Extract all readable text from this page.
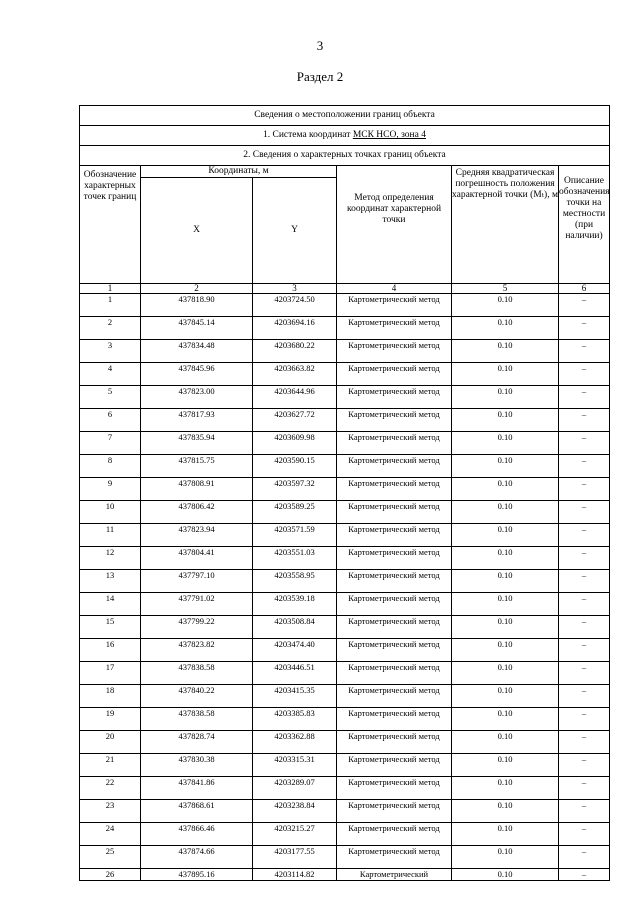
3
Раздел 2
Сведения о местоположении границ объекта					
1. Система координат МСК НСО, зона 4					
2. Сведения о характерных точках границ объекта					
Обозначение характерных точек границ	Координаты, м		Метод определения координат характерной точки	Средняя квадратическая погрешность положения характерной точки (Mₜ), м	Описание обозначения точки на местности (при наличии)
	X	Y			
1	2	3	4	5	6
1	437818.90	4203724.50	Картометрический метод	0.10	–
2	437845.14	4203694.16	Картометрический метод	0.10	–
3	437834.48	4203680.22	Картометрический метод	0.10	–
4	437845.96	4203663.82	Картометрический метод	0.10	–
5	437823.00	4203644.96	Картометрический метод	0.10	–
6	437817.93	4203627.72	Картометрический метод	0.10	–
7	437835.94	4203609.98	Картометрический метод	0.10	–
8	437815.75	4203590.15	Картометрический метод	0.10	–
9	437808.91	4203597.32	Картометрический метод	0.10	–
10	437806.42	4203589.25	Картометрический метод	0.10	–
11	437823.94	4203571.59	Картометрический метод	0.10	–
12	437804.41	4203551.03	Картометрический метод	0.10	–
13	437797.10	4203558.95	Картометрический метод	0.10	–
14	437791.02	4203539.18	Картометрический метод	0.10	–
15	437799.22	4203508.84	Картометрический метод	0.10	–
16	437823.82	4203474.40	Картометрический метод	0.10	–
17	437838.58	4203446.51	Картометрический метод	0.10	–
18	437840.22	4203415.35	Картометрический метод	0.10	–
19	437838.58	4203385.83	Картометрический метод	0.10	–
20	437828.74	4203362.88	Картометрический метод	0.10	–
21	437830.38	4203315.31	Картометрический метод	0.10	–
22	437841.86	4203289.07	Картометрический метод	0.10	–
23	437868.61	4203238.84	Картометрический метод	0.10	–
24	437866.46	4203215.27	Картометрический метод	0.10	–
25	437874.66	4203177.55	Картометрический метод	0.10	–
26	437895.16	4203114.82	Картометрический	0.10	–
